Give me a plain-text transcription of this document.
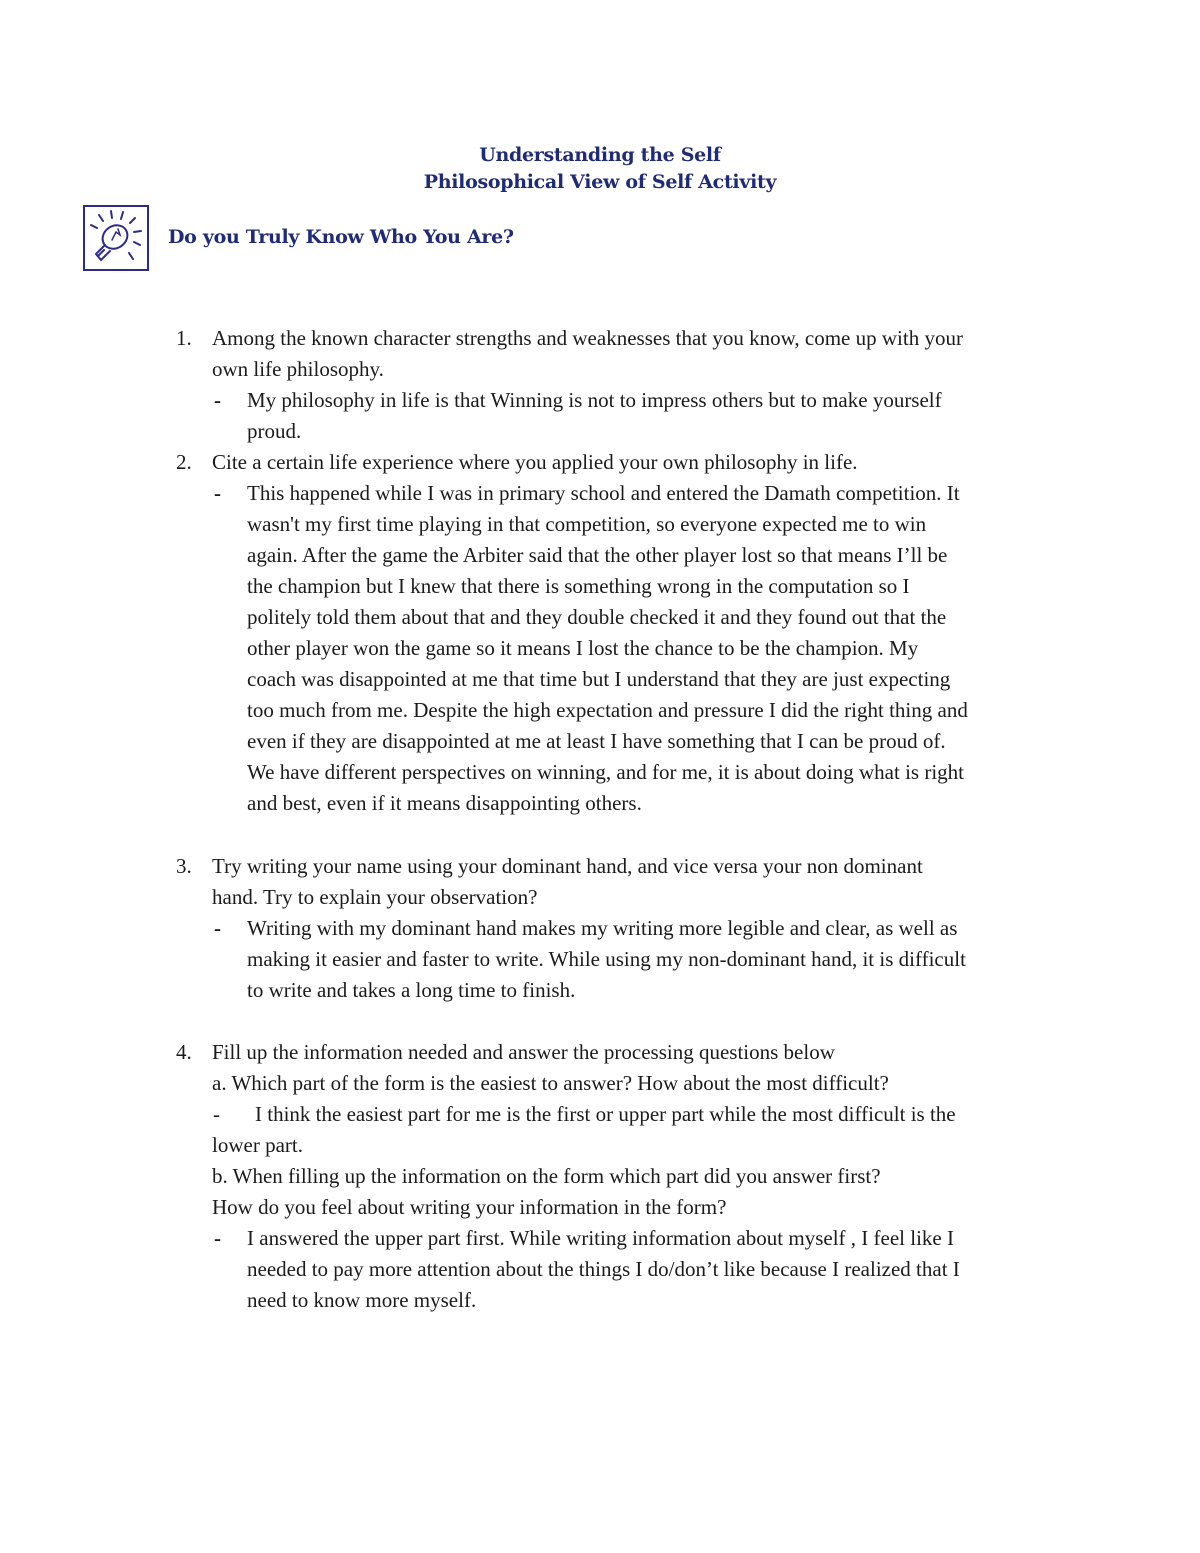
Understanding the Self
Philosophical View of Self Activity
Do you Truly Know Who You Are?
1. Among the known character strengths and weaknesses that you know, come up with your
own life philosophy.
- My philosophy in life is that Winning is not to impress others but to make yourself
proud.
2. Cite a certain life experience where you applied your own philosophy in life.
- This happened while I was in primary school and entered the Damath competition. It
wasn't my first time playing in that competition, so everyone expected me to win
again. After the game the Arbiter said that the other player lost so that means I’ll be
the champion but I knew that there is something wrong in the computation so I
politely told them about that and they double checked it and they found out that the
other player won the game so it means I lost the chance to be the champion. My
coach was disappointed at me that time but I understand that they are just expecting
too much from me. Despite the high expectation and pressure I did the right thing and
even if they are disappointed at me at least I have something that I can be proud of.
We have different perspectives on winning, and for me, it is about doing what is right
and best, even if it means disappointing others.
3. Try writing your name using your dominant hand, and vice versa your non dominant
hand. Try to explain your observation?
- Writing with my dominant hand makes my writing more legible and clear, as well as
making it easier and faster to write. While using my non-dominant hand, it is difficult
to write and takes a long time to finish.
4. Fill up the information needed and answer the processing questions below
a. Which part of the form is the easiest to answer? How about the most difficult?
- I think the easiest part for me is the first or upper part while the most difficult is the
lower part.
b. When filling up the information on the form which part did you answer first?
How do you feel about writing your information in the form?
- I answered the upper part first. While writing information about myself , I feel like I
needed to pay more attention about the things I do/don’t like because I realized that I
need to know more myself.
